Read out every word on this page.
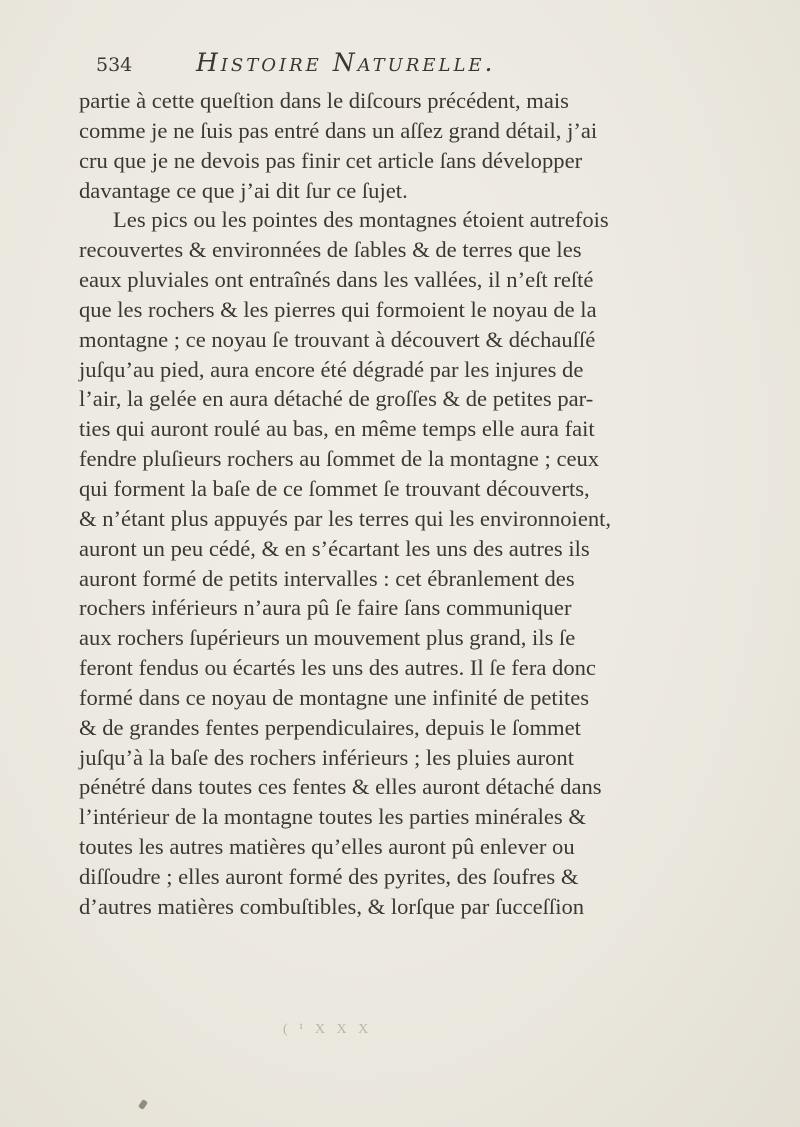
534	Histoire Naturelle.
partie à cette queſtion dans le diſcours précédent, mais
comme je ne ſuis pas entré dans un aſſez grand détail, j’ai
cru que je ne devois pas finir cet article ſans développer
davantage ce que j’ai dit ſur ce ſujet.
Les pics ou les pointes des montagnes étoient autrefois
recouvertes & environnées de ſables & de terres que les
eaux pluviales ont entraînés dans les vallées, il n’eſt reſté
que les rochers & les pierres qui formoient le noyau de la
montagne ; ce noyau ſe trouvant à découvert & déchauſſé
juſqu’au pied, aura encore été dégradé par les injures de
l’air, la gelée en aura détaché de groſſes & de petites par-
ties qui auront roulé au bas, en même temps elle aura fait
fendre pluſieurs rochers au ſommet de la montagne ; ceux
qui forment la baſe de ce ſommet ſe trouvant découverts,
& n’étant plus appuyés par les terres qui les environnoient,
auront un peu cédé, & en s’écartant les uns des autres ils
auront formé de petits intervalles : cet ébranlement des
rochers inférieurs n’aura pû ſe faire ſans communiquer
aux rochers ſupérieurs un mouvement plus grand, ils ſe
feront fendus ou écartés les uns des autres. Il ſe fera donc
formé dans ce noyau de montagne une infinité de petites
& de grandes fentes perpendiculaires, depuis le ſommet
juſqu’à la baſe des rochers inférieurs ; les pluies auront
pénétré dans toutes ces fentes & elles auront détaché dans
l’intérieur de la montagne toutes les parties minérales &
toutes les autres matières qu’elles auront pû enlever ou
diſſoudre ; elles auront formé des pyrites, des ſoufres &
d’autres matières combuſtibles, & lorſque par ſucceſſion
( ¹ X X X
